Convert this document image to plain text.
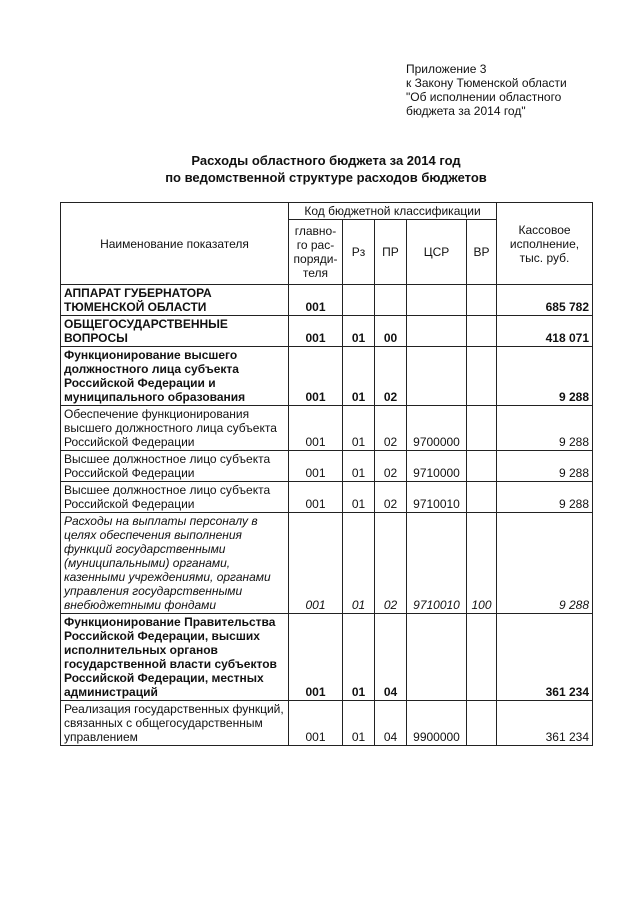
Приложение 3
к Закону Тюменской области
"Об исполнении областного
бюджета за 2014 год"
Расходы областного бюджета за 2014 год
по ведомственной структуре расходов бюджетов
Наименование показателя	Код бюджетной классификации					Кассовое исполнение, тыс. руб.
	главно-го рас-поряди-теля	Рз	ПР	ЦСР	ВР	
АППАРАТ ГУБЕРНАТОРА ТЮМЕНСКОЙ ОБЛАСТИ	001					685 782
ОБЩЕГОСУДАРСТВЕННЫЕ ВОПРОСЫ	001	01	00			418 071
Функционирование высшего должностного лица субъекта Российской Федерации и муниципального образования	001	01	02			9 288
Обеспечение функционирования высшего должностного лица субъекта Российской Федерации	001	01	02	9700000		9 288
Высшее должностное лицо субъекта Российской Федерации	001	01	02	9710000		9 288
Высшее должностное лицо субъекта Российской Федерации	001	01	02	9710010		9 288
Расходы на выплаты персоналу в целях обеспечения выполнения функций государственными (муниципальными) органами, казенными учреждениями, органами управления государственными внебюджетными фондами	001	01	02	9710010	100	9 288
Функционирование Правительства Российской Федерации, высших исполнительных органов государственной власти субъектов Российской Федерации, местных администраций	001	01	04			361 234
Реализация государственных функций, связанных с общегосударственным управлением	001	01	04	9900000		361 234
